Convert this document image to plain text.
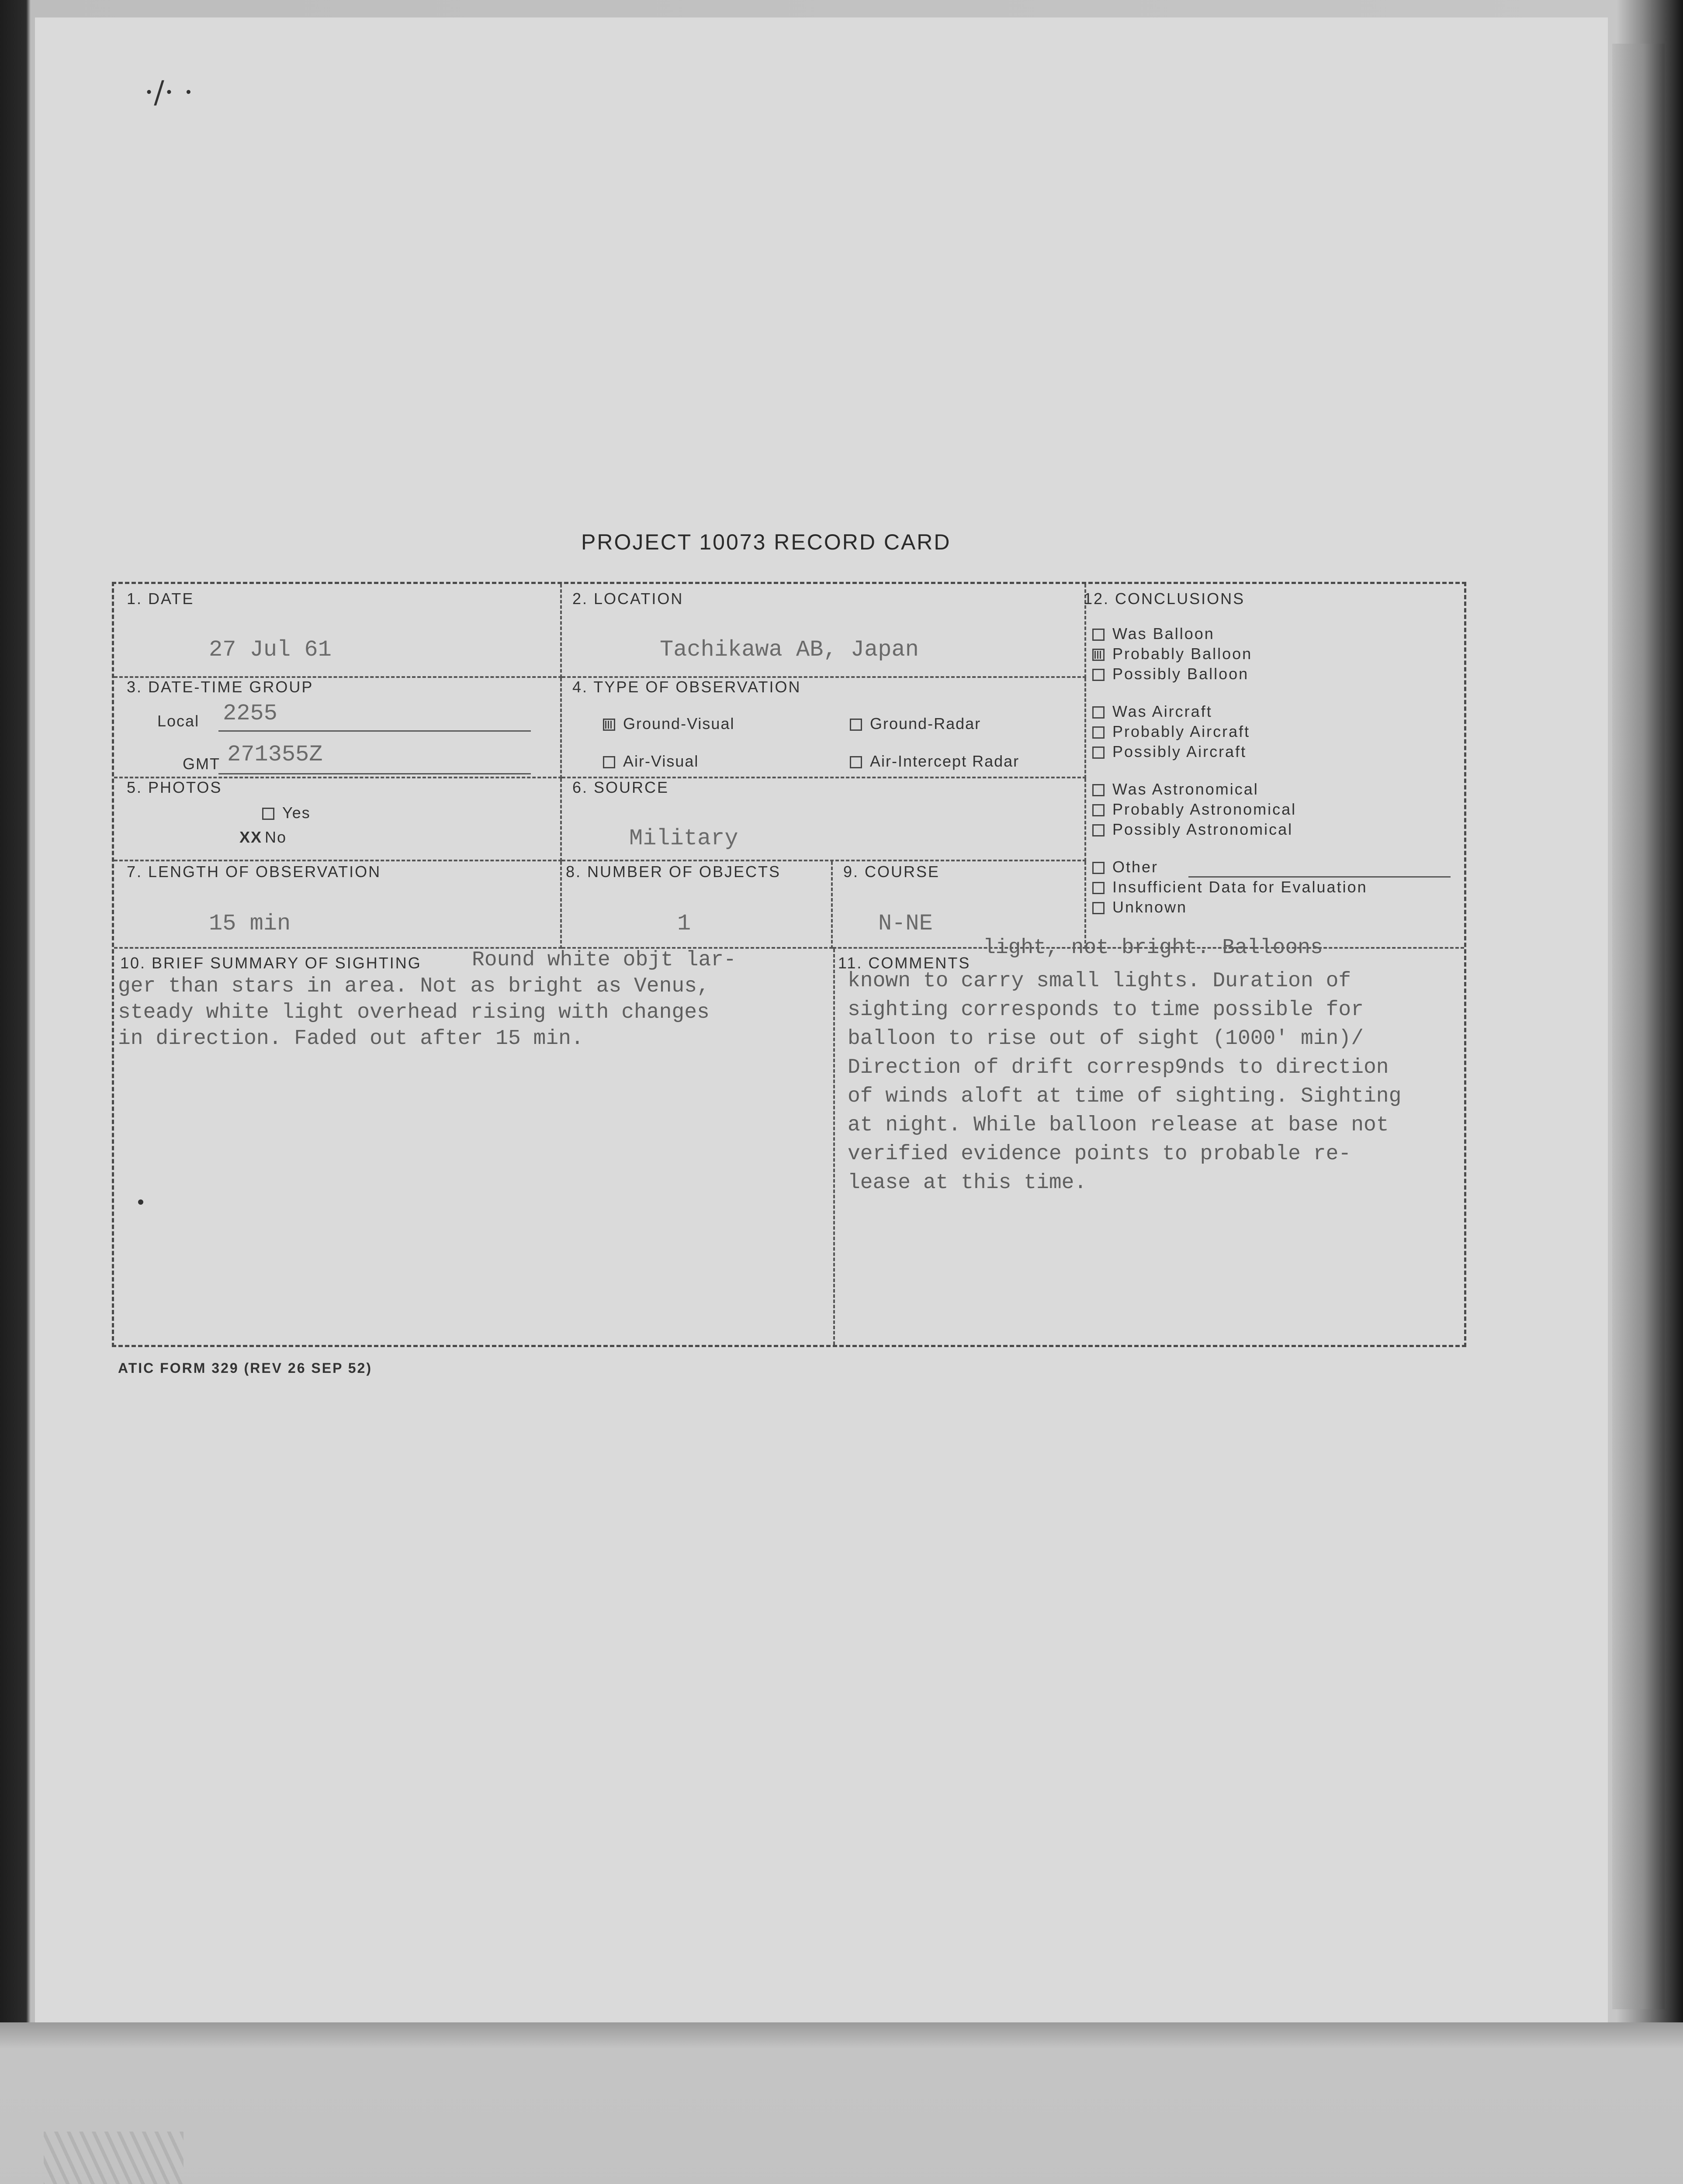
·/· ·
PROJECT 10073 RECORD CARD
1. DATE
27 Jul 61
2. LOCATION
Tachikawa AB, Japan
3. DATE-TIME GROUP
Local 2255
GMT 271355Z
4. TYPE OF OBSERVATION
Ground-Visual	Ground-Radar
Air-Visual	Air-Intercept Radar
5. PHOTOS
Yes
XX No
6. SOURCE
Military
7. LENGTH OF OBSERVATION
15 min
8. NUMBER OF OBJECTS
1
9. COURSE
N-NE
12. CONCLUSIONS
Was Balloon
Probably Balloon
Possibly Balloon
Was Aircraft
Probably Aircraft
Possibly Aircraft
Was Astronomical
Probably Astronomical
Possibly Astronomical
Other
Insufficient Data for Evaluation
Unknown
10. BRIEF SUMMARY OF SIGHTING Round white objt lar-
ger than stars in area. Not as bright as Venus,
steady white light overhead rising with changes
in direction. Faded out after 15 min.
11. COMMENTS
light, not bright. Balloons
known to carry small lights. Duration of
sighting corresponds to time possible for
balloon to rise out of sight (1000' min)/
Direction of drift corresp9nds to direction
of winds aloft at time of sighting. Sighting
at night. While balloon release at base not
verified evidence points to probable re-
lease at this time.
ATIC FORM 329 (REV 26 SEP 52)
